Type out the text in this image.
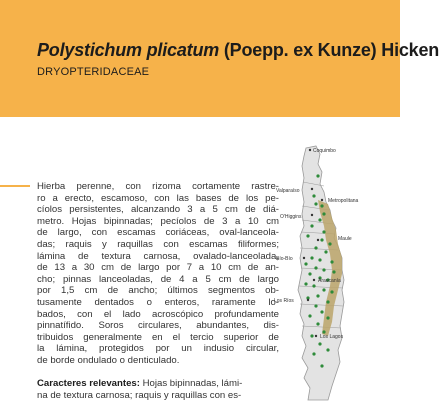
Polystichum plicatum (Poepp. ex Kunze) Hicken
DRYOPTERIDACEAE
Hierba perenne, con rizoma cortamente rastre-
ro a erecto, escamoso, con las bases de los pe-
cíolos persistentes, alcanzando 3 a 5 cm de diá-
metro. Hojas bipinnadas; pecíolos de 3 a 10 cm
de largo, con escamas coriáceas, oval-lanceola-
das; raquis y raquillas con escamas filiformes;
lámina de textura carnosa, ovalado-lanceolada,
de 13 a 30 cm de largo por 7 a 10 cm de an-
cho; pinnas lanceoladas, de 4 a 5 cm de largo
por 1,5 cm de ancho; últimos segmentos ob-
tusamente dentados o enteros, raramente lo-
bados, con el lado acroscópico profundamente
pinnatífido. Soros circulares, abundantes, dis-
tribuidos generalmente en el tercio superior de
la lámina, protegidos por un indusio circular,
de borde ondulado o denticulado.
Caracteres relevantes: Hojas bipinnadas, lámi-
na de textura carnosa; raquis y raquillas con es-
Coquimbo
Valparaíso
Metropolitana
O'Higgins
Maule
Bío-Bío
Araucanía
Los Ríos
Los Lagos
